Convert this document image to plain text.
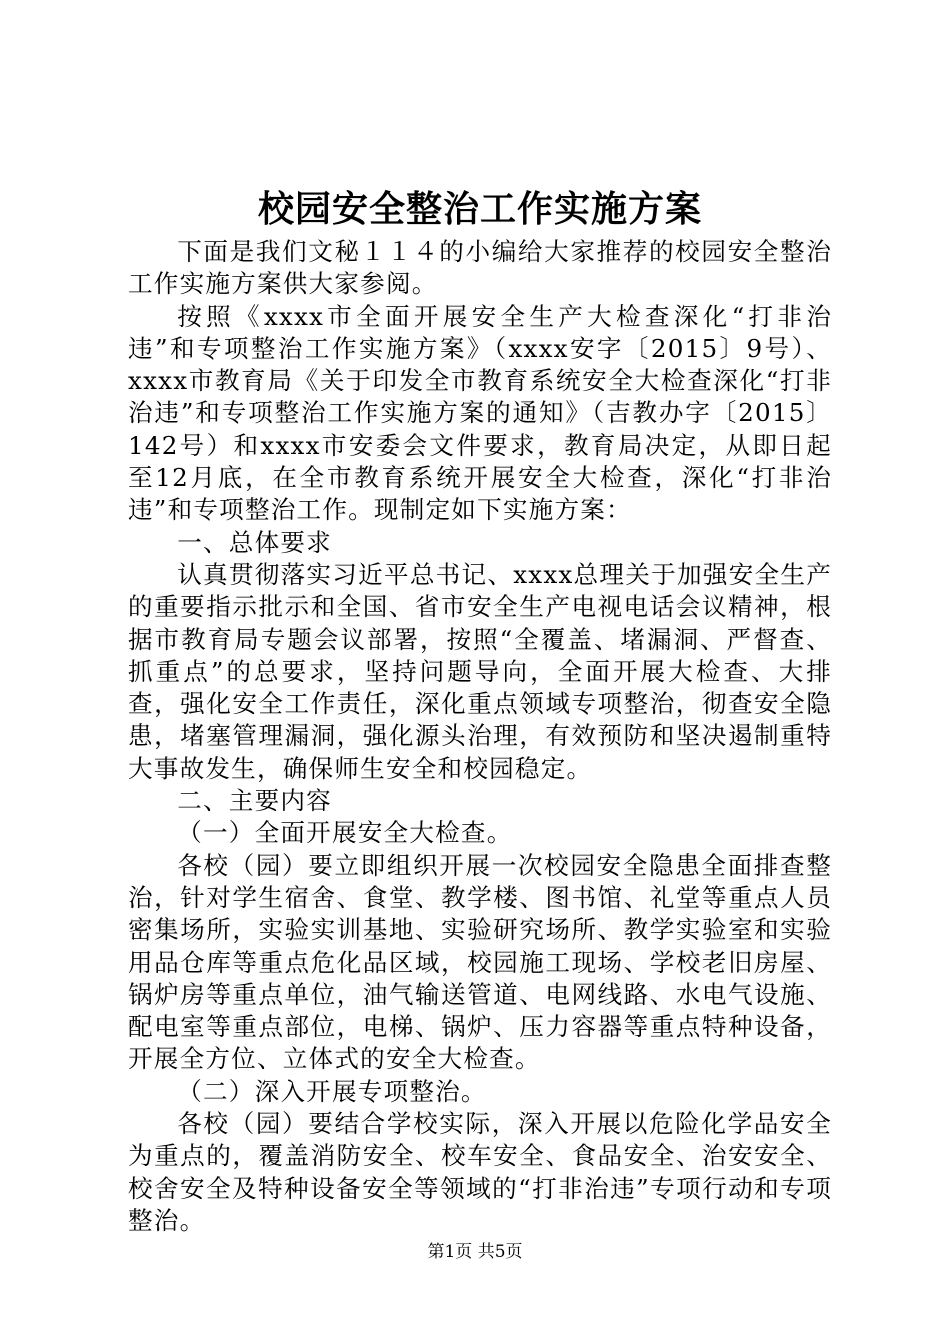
校园安全整治工作实施方案

下面是我们文秘１１４的小编给大家推荐的校园安全整治工作实施方案供大家参阅。

按照《xxxx市全面开展安全生产大检查深化“打非治违”和专项整治工作实施方案》（xxxx安字〔2015〕9号）、xxxx市教育局《关于印发全市教育系统安全大检查深化“打非治违”和专项整治工作实施方案的通知》（吉教办字〔2015〕142号）和xxxx市安委会文件要求，教育局决定，从即日起至12月底，在全市教育系统开展安全大检查，深化“打非治违”和专项整治工作。现制定如下实施方案：

一、总体要求

认真贯彻落实习近平总书记、xxxx总理关于加强安全生产的重要指示批示和全国、省市安全生产电视电话会议精神，根据市教育局专题会议部署，按照“全覆盖、堵漏洞、严督查、抓重点”的总要求，坚持问题导向，全面开展大检查、大排查，强化安全工作责任，深化重点领域专项整治，彻查安全隐患，堵塞管理漏洞，强化源头治理，有效预防和坚决遏制重特大事故发生，确保师生安全和校园稳定。

二、主要内容

（一）全面开展安全大检查。

各校（园）要立即组织开展一次校园安全隐患全面排查整治，针对学生宿舍、食堂、教学楼、图书馆、礼堂等重点人员密集场所，实验实训基地、实验研究场所、教学实验室和实验用品仓库等重点危化品区域，校园施工现场、学校老旧房屋、锅炉房等重点单位，油气输送管道、电网线路、水电气设施、配电室等重点部位，电梯、锅炉、压力容器等重点特种设备，开展全方位、立体式的安全大检查。

（二）深入开展专项整治。

各校（园）要结合学校实际，深入开展以危险化学品安全为重点的，覆盖消防安全、校车安全、食品安全、治安安全、校舍安全及特种设备安全等领域的“打非治违”专项行动和专项整治。

第1页 共5页
